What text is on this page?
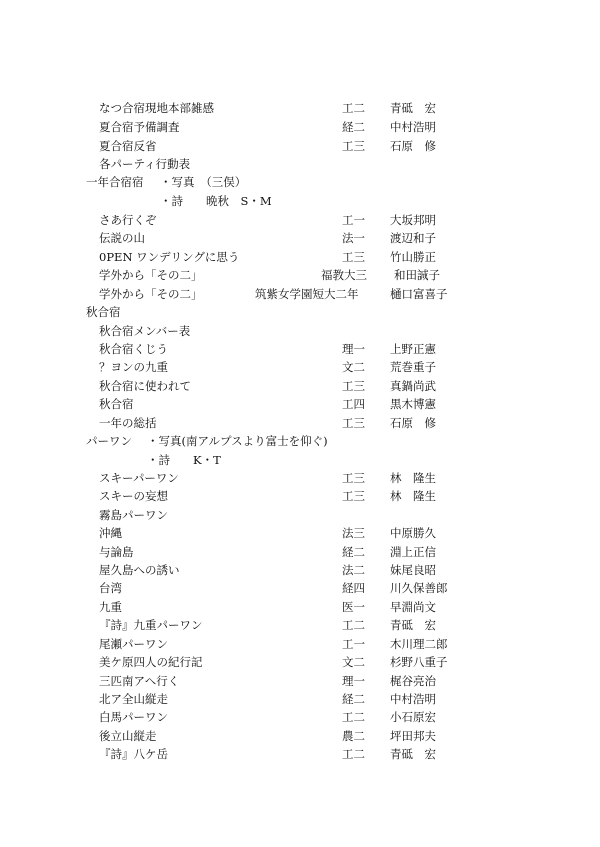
なつ合宿現地本部雑感	工二 青砥　宏
夏合宿予備調査	経二 中村浩明
夏合宿反省	工三 石原　修
各パーティ行動表
一年合宿宿 ・写真　（三俣）
・詩　　晩秋　S・M
さあ行くぞ	工一 大坂邦明
伝説の山	法一 渡辺和子
0PEN ワンデリングに思う	工三 竹山勝正
学外から「その二」	福教大三 和田誠子
学外から「その二」	筑紫女学園短大二年	樋口富喜子
秋合宿
秋合宿メンバー表
秋合宿くじう	理一 上野正憲
？ヨンの九重	文二 荒巻重子
秋合宿に使われて	工三 真鍋尚武
秋合宿	工四 黒木博憲
一年の総括	工三 石原　修
パーワン ・写真(南アルプスより富士を仰ぐ)
・詩　　K・T
スキーパーワン	工三 林　隆生
スキーの妄想	工三 林　隆生
霧島パーワン
沖縄	法三 中原勝久
与論島	経二 淵上正信
屋久島への誘い	法二 妹尾良昭
台湾	経四 川久保善郎
九重	医一 早淵尚文
『詩』九重パーワン	工二 青砥　宏
尾瀬パーワン	工一 木川理二郎
美ケ原四人の紀行記	文二 杉野八重子
三匹南アへ行く	理一 梶谷亮治
北ア全山縦走	経二 中村浩明
白馬パーワン	工二 小石原宏
後立山縦走	農二 坪田邦夫
『詩』八ケ岳	工二 青砥　宏
